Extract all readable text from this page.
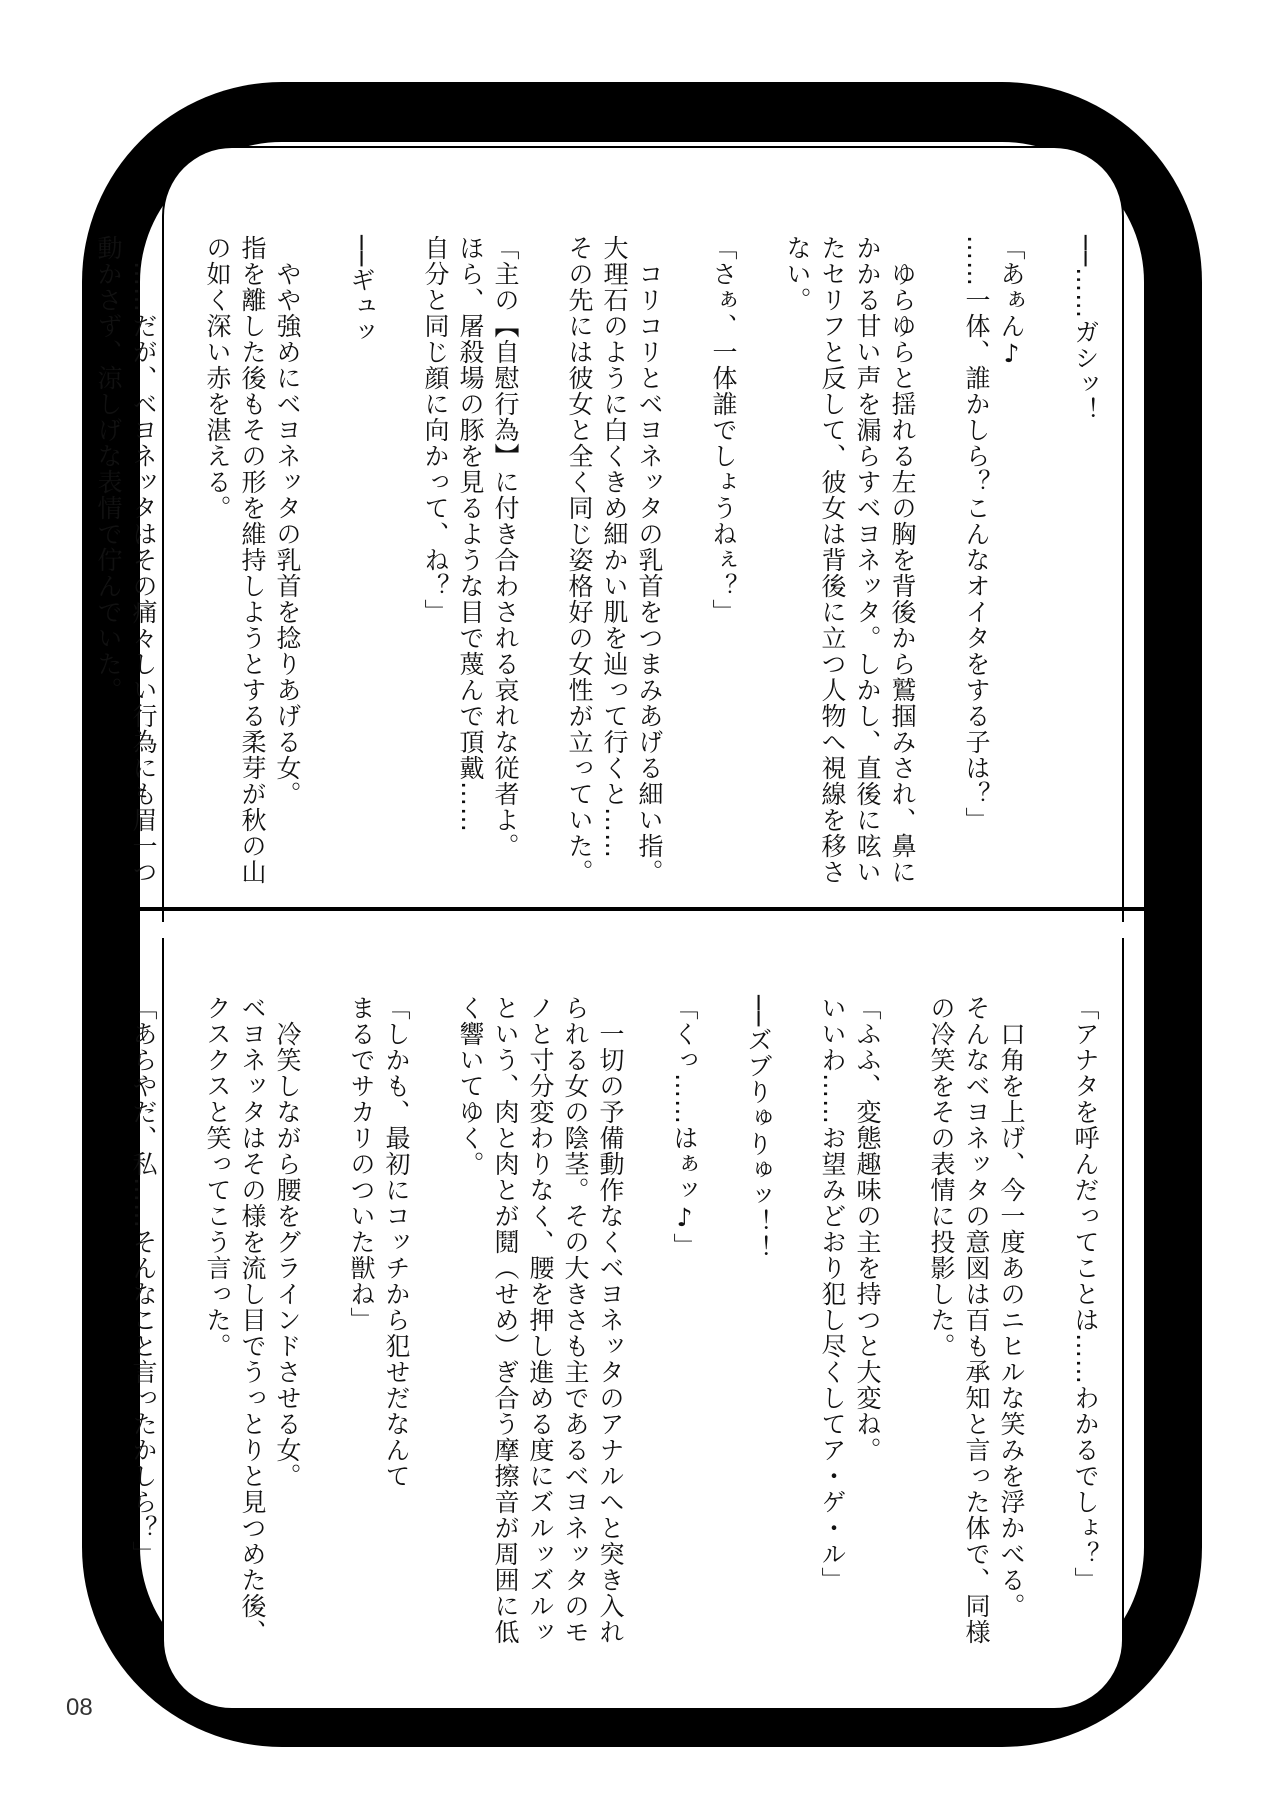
──……ガシッ！
「あぁん♪
……一体、誰かしら？こんなオイタをする子は？」
　ゆらゆらと揺れる左の胸を背後から鷲掴みされ、鼻に
かかる甘い声を漏らすベヨネッタ。しかし、直後に呟い
たセリフと反して、彼女は背後に立つ人物へ視線を移さ
ない。
「さぁ、一体誰でしょうねぇ？」
　コリコリとベヨネッタの乳首をつまみあげる細い指。
大理石のように白くきめ細かい肌を辿って行くと……
その先には彼女と全く同じ姿格好の女性が立っていた。
「主の【自慰行為】に付き合わされる哀れな従者よ。
ほら、屠殺場の豚を見るような目で蔑んで頂戴……
自分と同じ顔に向かって、ね？」
──ギュッ
　やや強めにベヨネッタの乳首を捻りあげる女。
指を離した後もその形を維持しようとする柔芽が秋の山
の如く深い赤を湛える。
　……だが、ベヨネッタはその痛々しい行為にも眉一つ
動かさず、涼しげな表情で佇んでいた。
「アナタを呼んだってことは……わかるでしょ？」
　口角を上げ、今一度あのニヒルな笑みを浮かべる。
そんなベヨネッタの意図は百も承知と言った体で、同様
の冷笑をその表情に投影した。
「ふふ、変態趣味の主を持つと大変ね。
いいわ……お望みどおり犯し尽くしてア・ゲ・ル」
──ズブりゅりゅッ！！
「くっ……はぁッ♪」
　一切の予備動作なくベヨネッタのアナルへと突き入れ
られる女の陰茎。その大きさも主であるベヨネッタのモ
ノと寸分変わりなく、腰を押し進める度にズルッズルッ
という、肉と肉とが鬩（せめ）ぎ合う摩擦音が周囲に低
く響いてゆく。
「しかも、最初にコッチから犯せだなんて
まるでサカリのついた獣ね」
　冷笑しながら腰をグラインドさせる女。
ベヨネッタはその様を流し目でうっとりと見つめた後、
クスクスと笑ってこう言った。
「あらやだ、私……そんなこと言ったかしら？」
08
